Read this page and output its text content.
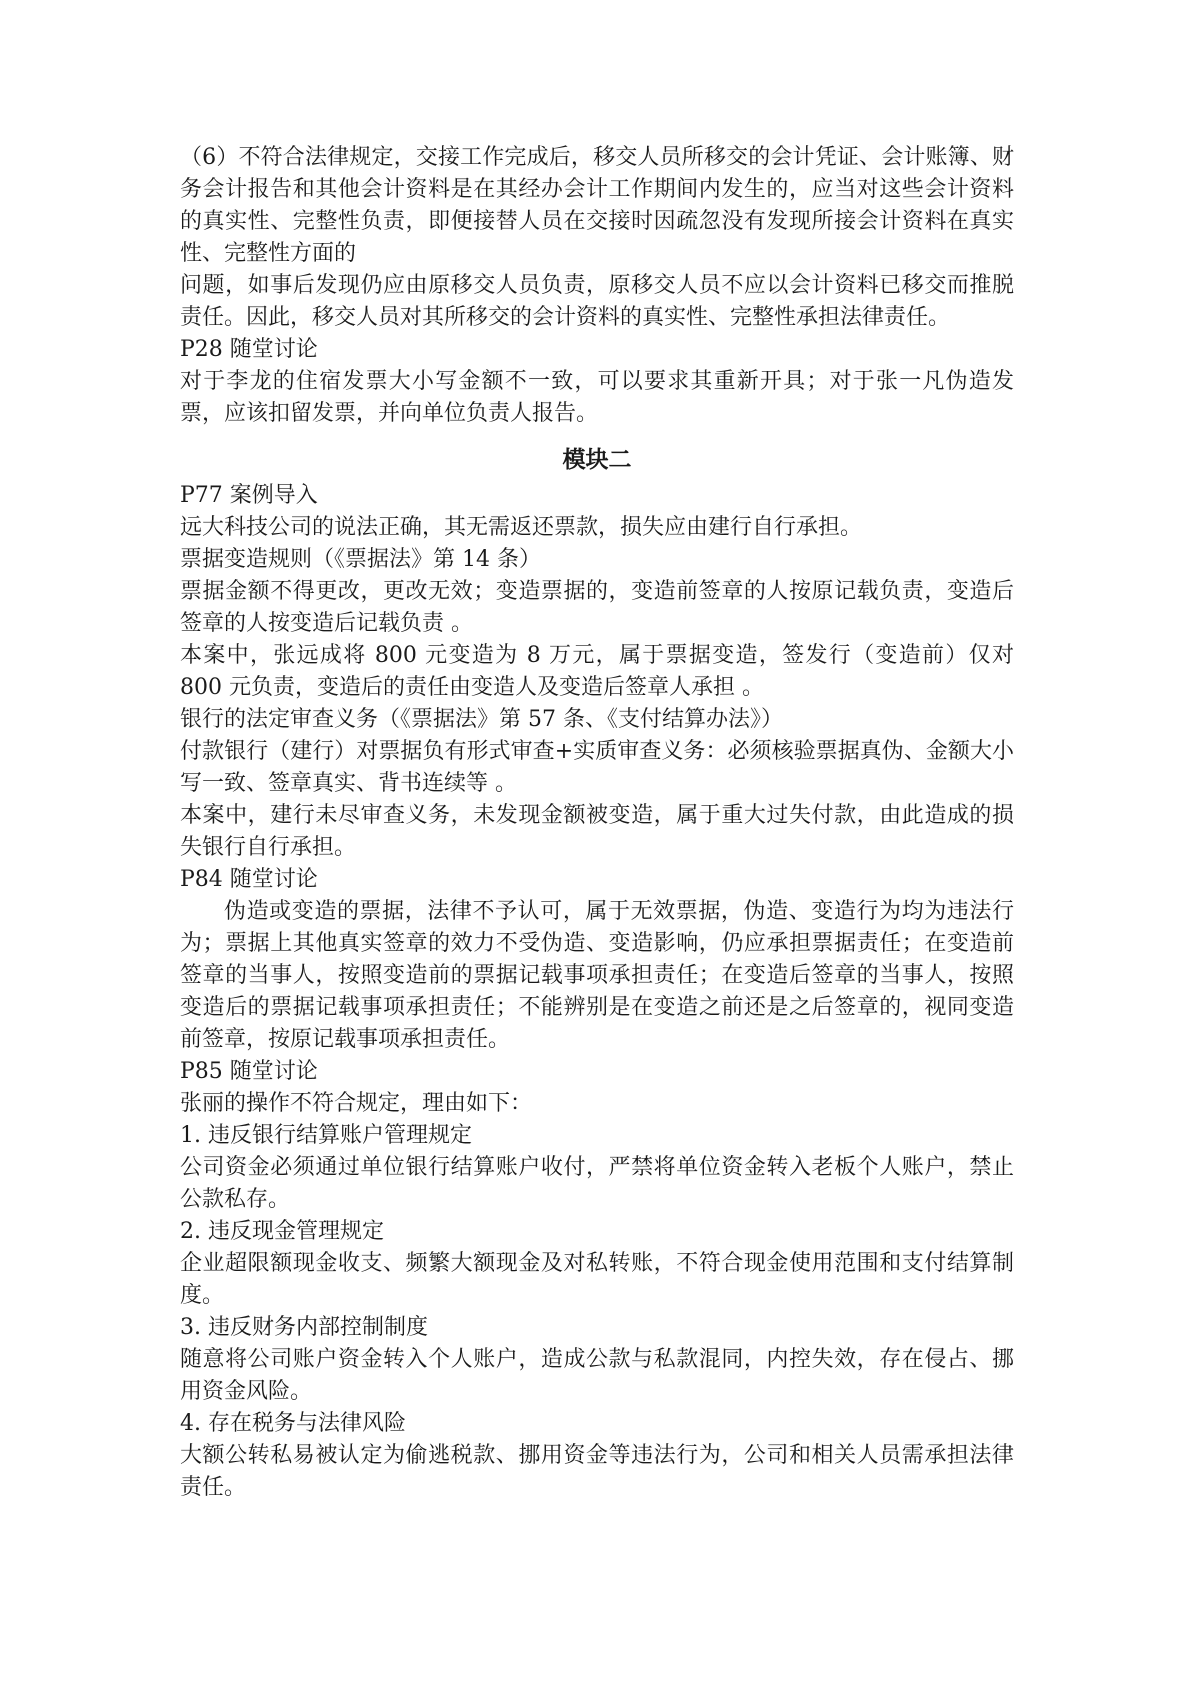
（6）不符合法律规定，交接工作完成后，移交人员所移交的会计凭证、会计账簿、财务会计报告和其他会计资料是在其经办会计工作期间内发生的，应当对这些会计资料的真实性、完整性负责，即便接替人员在交接时因疏忽没有发现所接会计资料在真实性、完整性方面的

问题，如事后发现仍应由原移交人员负责，原移交人员不应以会计资料已移交而推脱责任。因此，移交人员对其所移交的会计资料的真实性、完整性承担法律责任。

P28 随堂讨论

对于李龙的住宿发票大小写金额不一致，可以要求其重新开具；对于张一凡伪造发票，应该扣留发票，并向单位负责人报告。

模块二

P77 案例导入

远大科技公司的说法正确，其无需返还票款，损失应由建行自行承担。

票据变造规则（《票据法》第 14 条）

票据金额不得更改，更改无效；变造票据的，变造前签章的人按原记载负责，变造后签章的人按变造后记载负责 。

本案中，张远成将 800 元变造为 8 万元，属于票据变造，签发行（变造前）仅对 800 元负责，变造后的责任由变造人及变造后签章人承担 。

银行的法定审查义务（《票据法》第 57 条、《支付结算办法》）

付款银行（建行）对票据负有形式审查+实质审查义务：必须核验票据真伪、金额大小写一致、签章真实、背书连续等 。

本案中，建行未尽审查义务，未发现金额被变造，属于重大过失付款，由此造成的损失银行自行承担。

P84 随堂讨论

伪造或变造的票据，法律不予认可，属于无效票据，伪造、变造行为均为违法行为；票据上其他真实签章的效力不受伪造、变造影响，仍应承担票据责任；在变造前签章的当事人，按照变造前的票据记载事项承担责任；在变造后签章的当事人，按照变造后的票据记载事项承担责任；不能辨别是在变造之前还是之后签章的，视同变造前签章，按原记载事项承担责任。

P85 随堂讨论

张丽的操作不符合规定，理由如下：

1. 违反银行结算账户管理规定

公司资金必须通过单位银行结算账户收付，严禁将单位资金转入老板个人账户，禁止公款私存。

2. 违反现金管理规定

企业超限额现金收支、频繁大额现金及对私转账，不符合现金使用范围和支付结算制度。

3. 违反财务内部控制制度

随意将公司账户资金转入个人账户，造成公款与私款混同，内控失效，存在侵占、挪用资金风险。

4. 存在税务与法律风险

大额公转私易被认定为偷逃税款、挪用资金等违法行为，公司和相关人员需承担法律责任。
